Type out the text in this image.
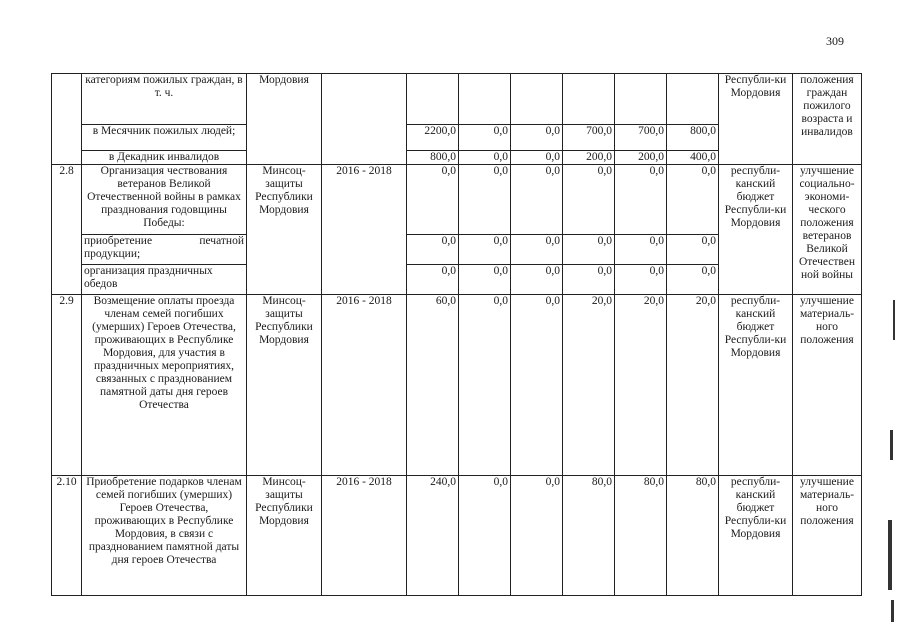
309
	категориям пожилых граждан, в т. ч.	Мордовия								Республи-ки Мордовия	положения граждан пожилого возраста и инвалидов
	в Месячник пожилых людей;			2200,0	0,0	0,0	700,0	700,0	800,0		
	в Декадник инвалидов			800,0	0,0	0,0	200,0	200,0	400,0		
2.8	Организация чествования ветеранов Великой Отечественной войны в рамках празднования годовщины Победы:	Минсоц-защиты Республики Мордовия	2016 - 2018	0,0	0,0	0,0	0,0	0,0	0,0	республи-канский бюджет Республи-ки Мордовия	улучшение социально-экономи-ческого положения ветеранов Великой Отечествен ной войны
	приобретение печатной продукции;			0,0	0,0	0,0	0,0	0,0	0,0		
	организация праздничных обедов			0,0	0,0	0,0	0,0	0,0	0,0		
2.9	Возмещение оплаты проезда членам семей погибших (умерших) Героев Отечества, проживающих в Республике Мордовия, для участия в праздничных мероприятиях, связанных с празднованием памятной даты дня героев Отечества	Минсоц-защиты Республики Мордовия	2016 - 2018	60,0	0,0	0,0	20,0	20,0	20,0	республи-канский бюджет Республи-ки Мордовия	улучшение материаль-ного положения
2.10	Приобретение подарков членам семей погибших (умерших) Героев Отечества, проживающих в Республике Мордовия, в связи с празднованием памятной даты дня героев Отечества	Минсоц-защиты Республики Мордовия	2016 - 2018	240,0	0,0	0,0	80,0	80,0	80,0	республи-канский бюджет Республи-ки Мордовия	улучшение материаль-ного положения
